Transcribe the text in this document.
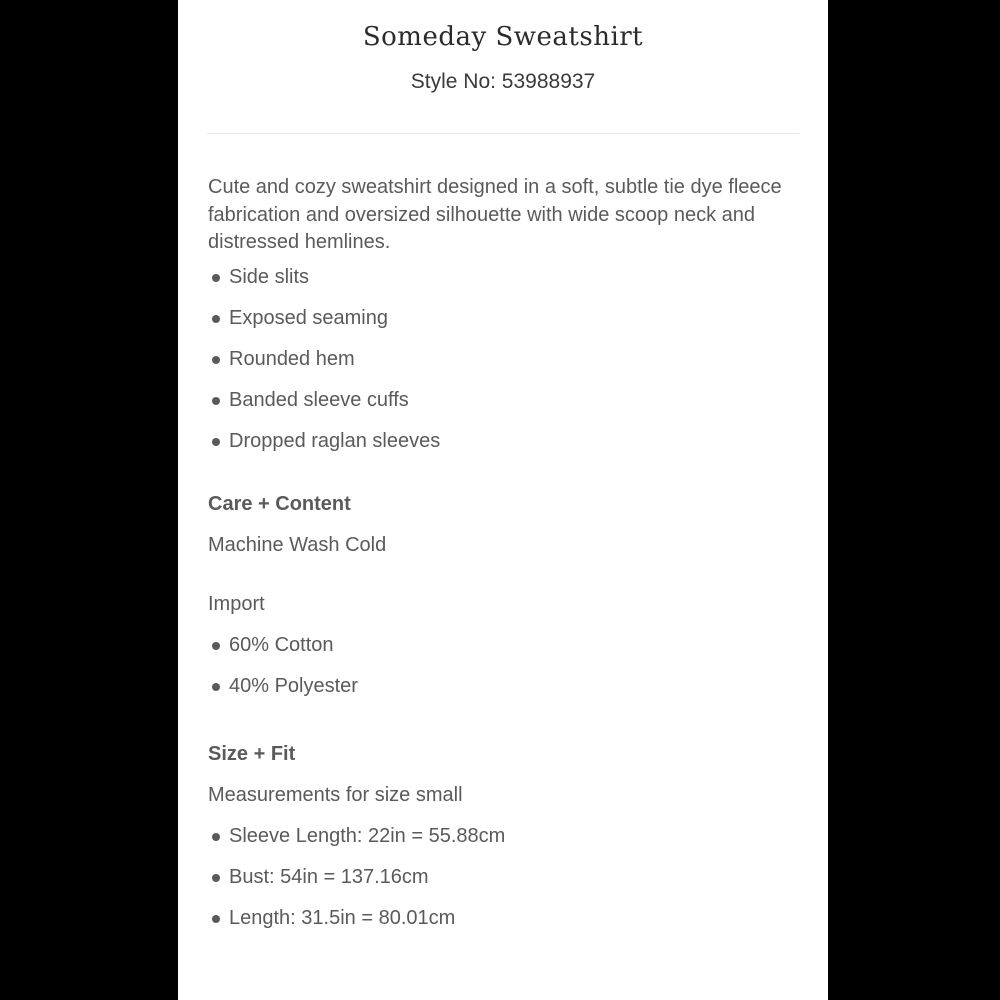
Someday Sweatshirt
Style No: 53988937

Cute and cozy sweatshirt designed in a soft, subtle tie dye fleece fabrication and oversized silhouette with wide scoop neck and distressed hemlines.

Side slits
Exposed seaming
Rounded hem
Banded sleeve cuffs
Dropped raglan sleeves
Care + Content

Machine Wash Cold

Import

60% Cotton
40% Polyester
Size + Fit

Measurements for size small

Sleeve Length: 22in = 55.88cm
Bust: 54in = 137.16cm
Length: 31.5in = 80.01cm
